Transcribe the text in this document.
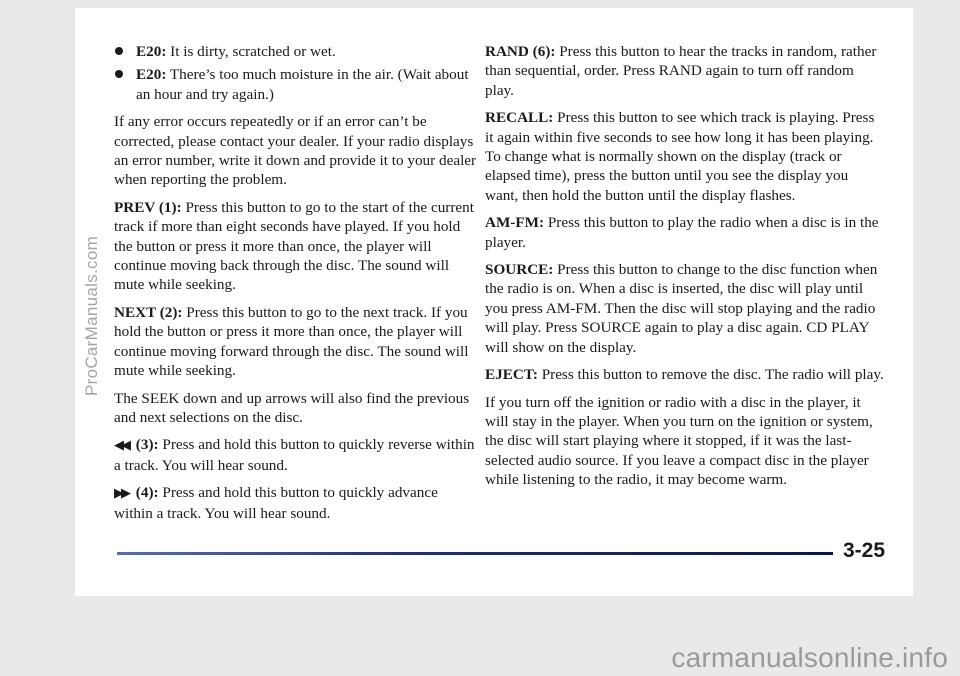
E20: It is dirty, scratched or wet.

E20: There’s too much moisture in the air. (Wait about an hour and try again.)

If any error occurs repeatedly or if an error can’t be corrected, please contact your dealer. If your radio displays an error number, write it down and provide it to your dealer when reporting the problem.

PREV (1): Press this button to go to the start of the current track if more than eight seconds have played. If you hold the button or press it more than once, the player will continue moving back through the disc. The sound will mute while seeking.

NEXT (2): Press this button to go to the next track. If you hold the button or press it more than once, the player will continue moving forward through the disc. The sound will mute while seeking.

The SEEK down and up arrows will also find the previous and next selections on the disc.

◀◀ (3): Press and hold this button to quickly reverse within a track. You will hear sound.

▶▶ (4): Press and hold this button to quickly advance within a track. You will hear sound.

RAND (6): Press this button to hear the tracks in random, rather than sequential, order. Press RAND again to turn off random play.

RECALL: Press this button to see which track is playing. Press it again within five seconds to see how long it has been playing. To change what is normally shown on the display (track or elapsed time), press the button until you see the display you want, then hold the button until the display flashes.

AM-FM: Press this button to play the radio when a disc is in the player.

SOURCE: Press this button to change to the disc function when the radio is on. When a disc is inserted, the disc will play until you press AM-FM. Then the disc will stop playing and the radio will play. Press SOURCE again to play a disc again. CD PLAY will show on the display.

EJECT: Press this button to remove the disc. The radio will play.

If you turn off the ignition or radio with a disc in the player, it will stay in the player. When you turn on the ignition or system, the disc will start playing where it stopped, if it was the last-selected audio source. If you leave a compact disc in the player while listening to the radio, it may become warm.

3-25
ProCarManuals.com
carmanualsonline.info
